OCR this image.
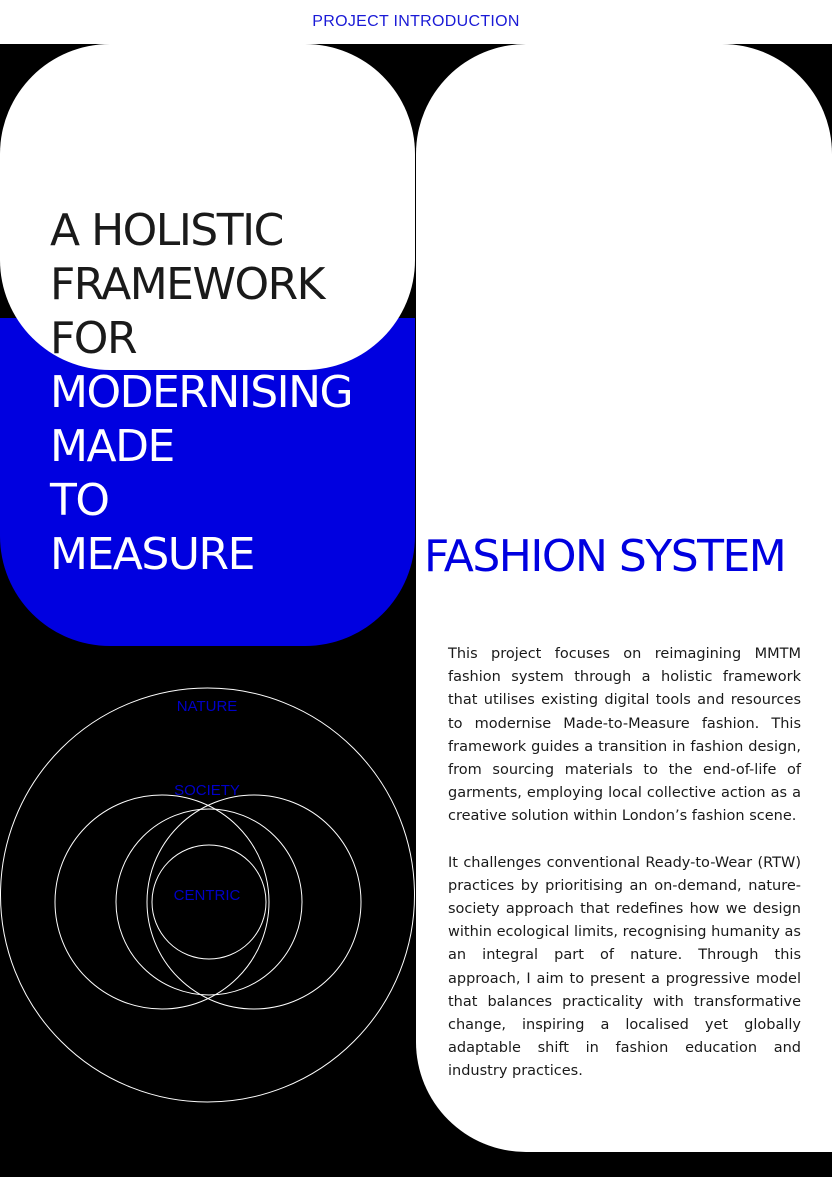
PROJECT INTRODUCTION
A HOLISTIC
FRAMEWORK
FOR
MODERNISING
MADE
TO
MEASURE	FASHION SYSTEM

This project focuses on reimagining MMTM fashion system through a holistic framework that utilises existing digital tools and resources to modernise Made-to-Measure fashion. This framework guides a transition in fashion design, from sourcing materials to the end-of-life of garments, employing local collective action as a creative solution within London’s fashion scene.

It challenges conventional Ready-to-Wear (RTW) practices by prioritising an on-demand, nature-society approach that redefines how we design within ecological limits, recognising humanity as an integral part of nature. Through this approach, I aim to present a progressive model that balances practicality with transformative change, inspiring a localised yet globally adaptable shift in fashion education and industry practices.

NATURE
SOCIETY
CENTRIC
